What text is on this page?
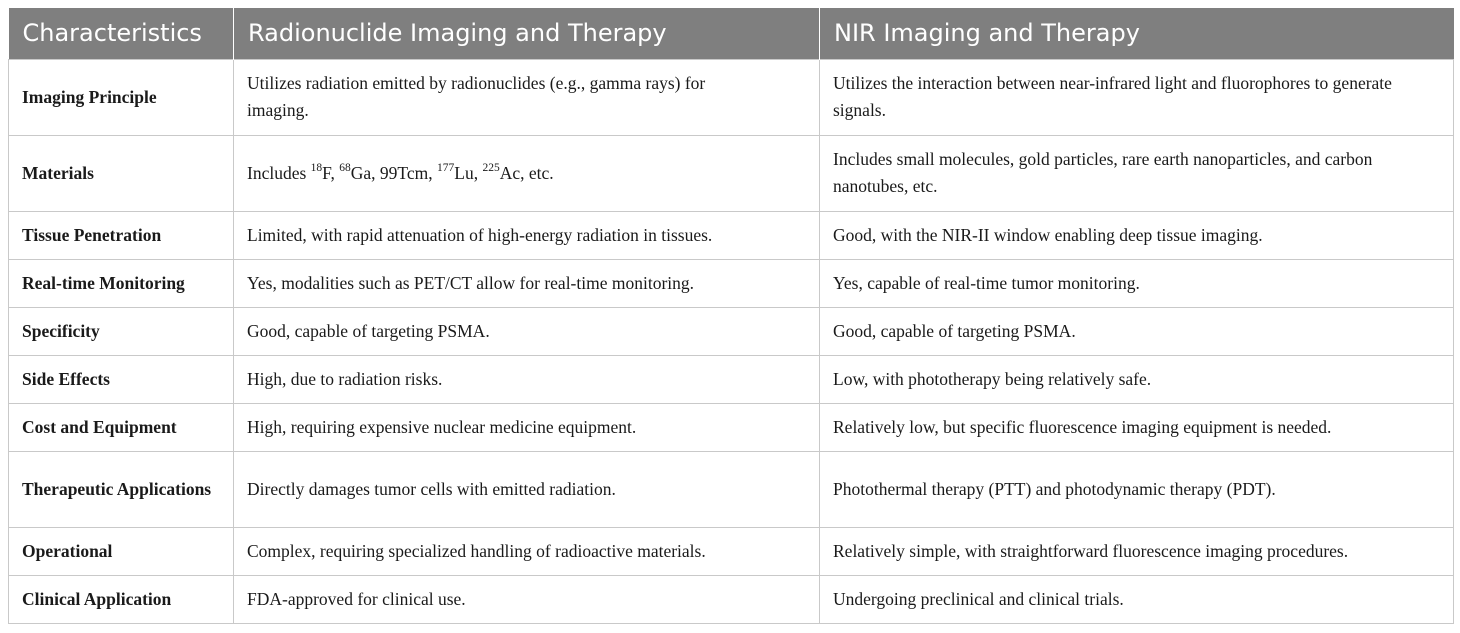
Characteristics	Radionuclide Imaging and Therapy	NIR Imaging and Therapy
Imaging Principle	Utilizes radiation emitted by radionuclides (e.g., gamma rays) for imaging.	Utilizes the interaction between near-infrared light and fluorophores to generate signals.
Materials	Includes $^{18}$F, $^{68}$Ga, 99Tcm, $^{177}$Lu, $^{225}$Ac, etc.	Includes small molecules, gold particles, rare earth nanoparticles, and carbon nanotubes, etc.
Tissue Penetration	Limited, with rapid attenuation of high-energy radiation in tissues.	Good, with the NIR-II window enabling deep tissue imaging.
Real-time Monitoring	Yes, modalities such as PET/CT allow for real-time monitoring.	Yes, capable of real-time tumor monitoring.
Specificity	Good, capable of targeting PSMA.	Good, capable of targeting PSMA.
Side Effects	High, due to radiation risks.	Low, with phototherapy being relatively safe.
Cost and Equipment	High, requiring expensive nuclear medicine equipment.	Relatively low, but specific fluorescence imaging equipment is needed.
Therapeutic Applications	Directly damages tumor cells with emitted radiation.	Photothermal therapy (PTT) and photodynamic therapy (PDT).
Operational	Complex, requiring specialized handling of radioactive materials.	Relatively simple, with straightforward fluorescence imaging procedures.
Clinical Application	FDA-approved for clinical use.	Undergoing preclinical and clinical trials.
